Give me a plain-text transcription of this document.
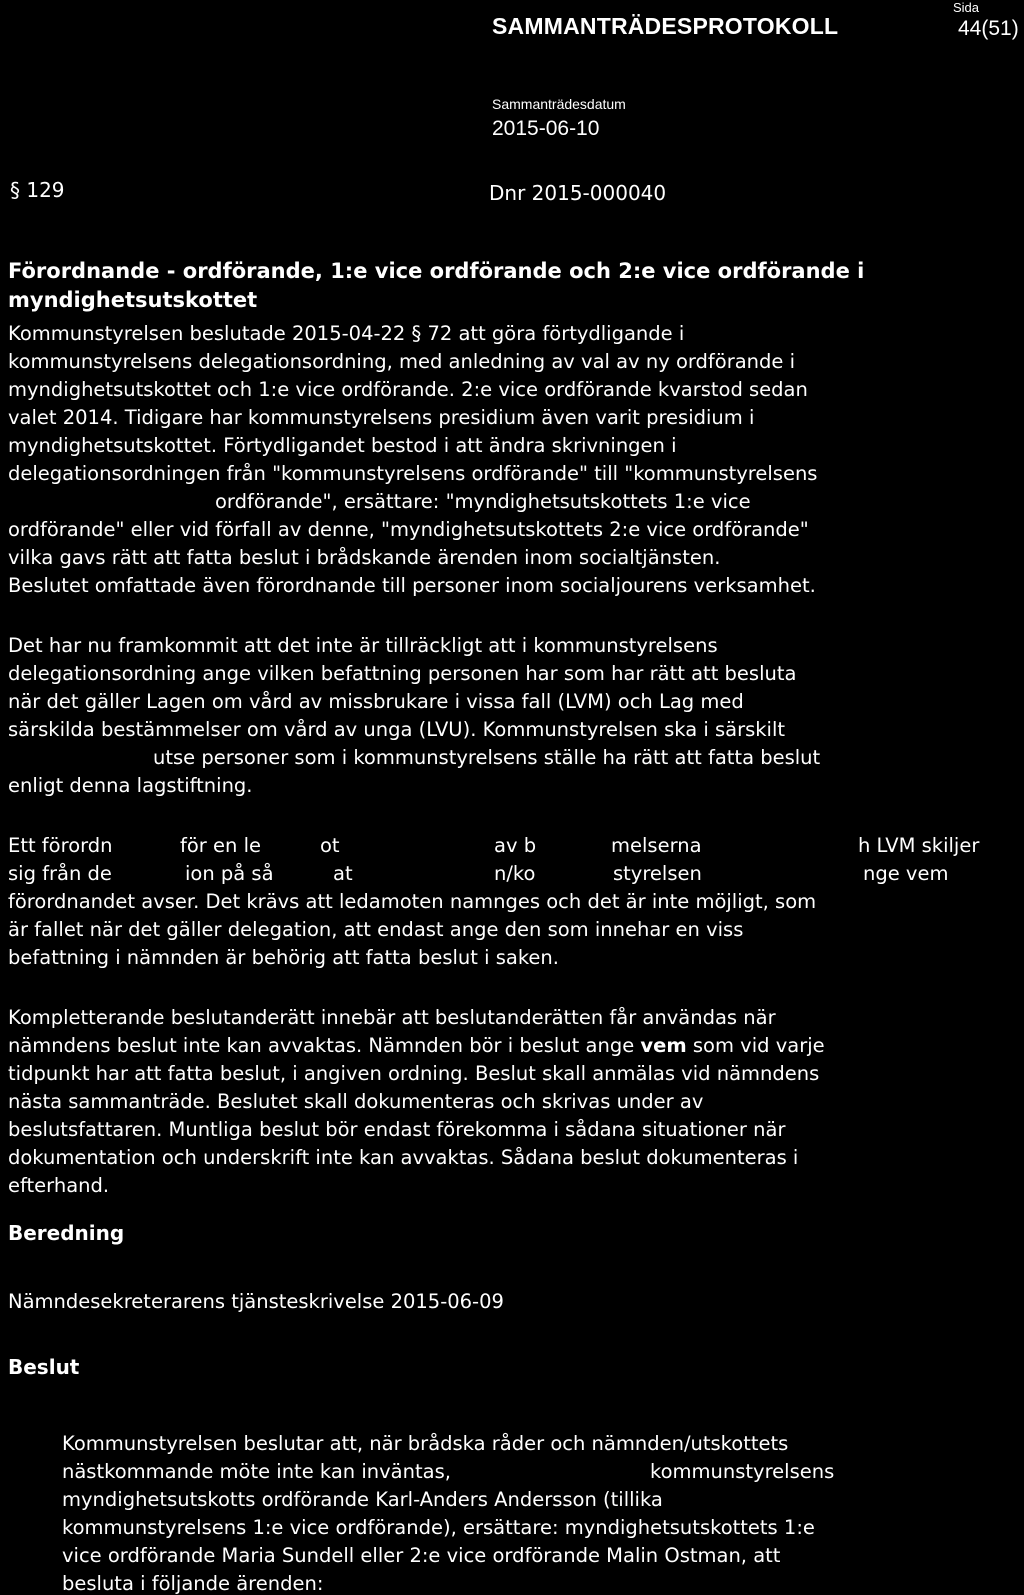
SAMMANTRÄDESPROTOKOLL
Sida
44(51)
Sammanträdesdatum
2015-06-10
§ 129	Dnr 2015-000040
Förordnande - ordförande, 1:e vice ordförande och 2:e vice ordförande i
myndighetsutskottet
Kommunstyrelsen beslutade 2015-04-22 § 72 att göra förtydligande i
kommunstyrelsens delegationsordning, med anledning av val av ny ordförande i
myndighetsutskottet och 1:e vice ordförande. 2:e vice ordförande kvarstod sedan
valet 2014. Tidigare har kommunstyrelsens presidium även varit presidium i
myndighetsutskottet. Förtydligandet bestod i att ändra skrivningen i
delegationsordningen från "kommunstyrelsens ordförande" till "kommunstyrelsens
ordförande", ersättare: "myndighetsutskottets 1:e vice
ordförande" eller vid förfall av denne, "myndighetsutskottets 2:e vice ordförande"
vilka gavs rätt att fatta beslut i brådskande ärenden inom socialtjänsten.
Beslutet omfattade även förordnande till personer inom socialjourens verksamhet.
Det har nu framkommit att det inte är tillräckligt att i kommunstyrelsens
delegationsordning ange vilken befattning personen har som har rätt att besluta
när det gäller Lagen om vård av missbrukare i vissa fall (LVM) och Lag med
särskilda bestämmelser om vård av unga (LVU). Kommunstyrelsen ska i särskilt
utse personer som i kommunstyrelsens ställe ha rätt att fatta beslut
enligt denna lagstiftning.
Ett förordn	för en le	ot	av b	melserna	h LVM skiljer
sig från de	ion på så	at	n/ko	styrelsen	nge vem
förordnandet avser. Det krävs att ledamoten namnges och det är inte möjligt, som
är fallet när det gäller delegation, att endast ange den som innehar en viss
befattning i nämnden är behörig att fatta beslut i saken.
Kompletterande beslutanderätt innebär att beslutanderätten får användas när
nämndens beslut inte kan avvaktas. Nämnden bör i beslut ange vem som vid varje
tidpunkt har att fatta beslut, i angiven ordning. Beslut skall anmälas vid nämndens
nästa sammanträde. Beslutet skall dokumenteras och skrivas under av
beslutsfattaren. Muntliga beslut bör endast förekomma i sådana situationer när
dokumentation och underskrift inte kan avvaktas. Sådana beslut dokumenteras i
efterhand.
Beredning
Nämndesekreterarens tjänsteskrivelse 2015-06-09
Beslut
Kommunstyrelsen beslutar att, när brådska råder och nämnden/utskottets
nästkommande möte inte kan inväntas,	kommunstyrelsens
myndighetsutskotts ordförande Karl-Anders Andersson (tillika
kommunstyrelsens 1:e vice ordförande), ersättare: myndighetsutskottets 1:e
vice ordförande Maria Sundell eller 2:e vice ordförande Malin Ostman, att
besluta i följande ärenden:
